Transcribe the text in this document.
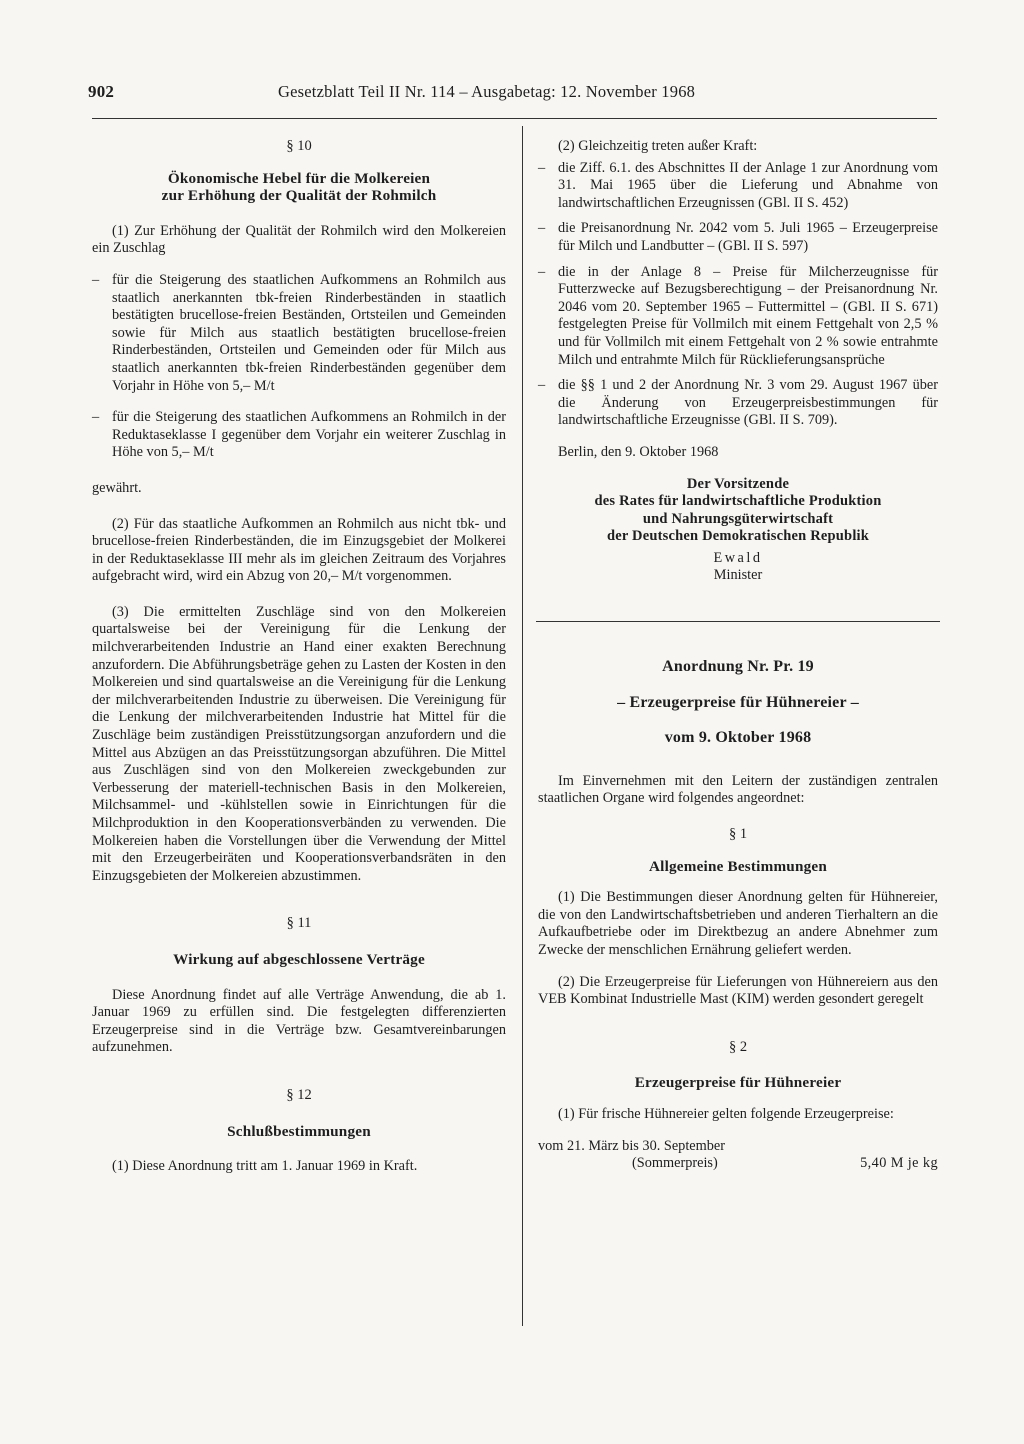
902	Gesetzblatt Teil II Nr. 114 – Ausgabetag: 12. November 1968
§ 10
Ökonomische Hebel für die Molkereien
zur Erhöhung der Qualität der Rohmilch

(1) Zur Erhöhung der Qualität der Rohmilch wird den Molkereien ein Zuschlag

– für die Steigerung des staatlichen Aufkommens an Rohmilch aus staatlich anerkannten tbk-freien Rinderbeständen in staatlich bestätigten brucellose-freien Beständen, Ortsteilen und Gemeinden sowie für Milch aus staatlich bestätigten brucellose-freien Rinderbeständen, Ortsteilen und Gemeinden oder für Milch aus staatlich anerkannten tbk-freien Rinderbeständen gegenüber dem Vorjahr in Höhe von 5,– M/t
– für die Steigerung des staatlichen Aufkommens an Rohmilch in der Reduktaseklasse I gegenüber dem Vorjahr ein weiterer Zuschlag in Höhe von 5,– M/t

gewährt.

(2) Für das staatliche Aufkommen an Rohmilch aus nicht tbk- und brucellose-freien Rinderbeständen, die im Einzugsgebiet der Molkerei in der Reduktaseklasse III mehr als im gleichen Zeitraum des Vorjahres aufgebracht wird, wird ein Abzug von 20,– M/t vorgenommen.

(3) Die ermittelten Zuschläge sind von den Molkereien quartalsweise bei der Vereinigung für die Lenkung der milchverarbeitenden Industrie an Hand einer exakten Berechnung anzufordern. Die Abführungsbeträge gehen zu Lasten der Kosten in den Molkereien und sind quartalsweise an die Vereinigung für die Lenkung der milchverarbeitenden Industrie zu überweisen. Die Vereinigung für die Lenkung der milchverarbeitenden Industrie hat Mittel für die Zuschläge beim zuständigen Preisstützungsorgan anzufordern und die Mittel aus Abzügen an das Preisstützungsorgan abzuführen. Die Mittel aus Zuschlägen sind von den Molkereien zweckgebunden zur Verbesserung der materiell-technischen Basis in den Molkereien, Milchsammel- und -kühlstellen sowie in Einrichtungen für die Milchproduktion in den Kooperationsverbänden zu verwenden. Die Molkereien haben die Vorstellungen über die Verwendung der Mittel mit den Erzeugerbeiräten und Kooperationsverbandsräten in den Einzugsgebieten der Molkereien abzustimmen.

§ 11
Wirkung auf abgeschlossene Verträge

Diese Anordnung findet auf alle Verträge Anwendung, die ab 1. Januar 1969 zu erfüllen sind. Die festgelegten differenzierten Erzeugerpreise sind in die Verträge bzw. Gesamtvereinbarungen aufzunehmen.

§ 12
Schlußbestimmungen

(1) Diese Anordnung tritt am 1. Januar 1969 in Kraft.

(2) Gleichzeitig treten außer Kraft:

– die Ziff. 6.1. des Abschnittes II der Anlage 1 zur Anordnung vom 31. Mai 1965 über die Lieferung und Abnahme von landwirtschaftlichen Erzeugnissen (GBl. II S. 452)
– die Preisanordnung Nr. 2042 vom 5. Juli 1965 – Erzeugerpreise für Milch und Landbutter – (GBl. II S. 597)
– die in der Anlage 8 – Preise für Milcherzeugnisse für Futterzwecke auf Bezugsberechtigung – der Preisanordnung Nr. 2046 vom 20. September 1965 – Futtermittel – (GBl. II S. 671) festgelegten Preise für Vollmilch mit einem Fettgehalt von 2,5 % und für Vollmilch mit einem Fettgehalt von 2 % sowie entrahmte Milch und entrahmte Milch für Rücklieferungsansprüche
– die §§ 1 und 2 der Anordnung Nr. 3 vom 29. August 1967 über die Änderung von Erzeugerpreisbestimmungen für landwirtschaftliche Erzeugnisse (GBl. II S. 709).

Berlin, den 9. Oktober 1968

Der Vorsitzende
des Rates für landwirtschaftliche Produktion
und Nahrungsgüterwirtschaft
der Deutschen Demokratischen Republik
Ewald
Minister
Anordnung Nr. Pr. 19
– Erzeugerpreise für Hühnereier –
vom 9. Oktober 1968

Im Einvernehmen mit den Leitern der zuständigen zentralen staatlichen Organe wird folgendes angeordnet:

§ 1
Allgemeine Bestimmungen

(1) Die Bestimmungen dieser Anordnung gelten für Hühnereier, die von den Landwirtschaftsbetrieben und anderen Tierhaltern an die Aufkaufbetriebe oder im Direktbezug an andere Abnehmer zum Zwecke der menschlichen Ernährung geliefert werden.

(2) Die Erzeugerpreise für Lieferungen von Hühnereiern aus den VEB Kombinat Industrielle Mast (KIM) werden gesondert geregelt

§ 2
Erzeugerpreise für Hühnereier

(1) Für frische Hühnereier gelten folgende Erzeugerpreise:

vom 21. März bis 30. September
(Sommerpreis)	5,40 M je kg
